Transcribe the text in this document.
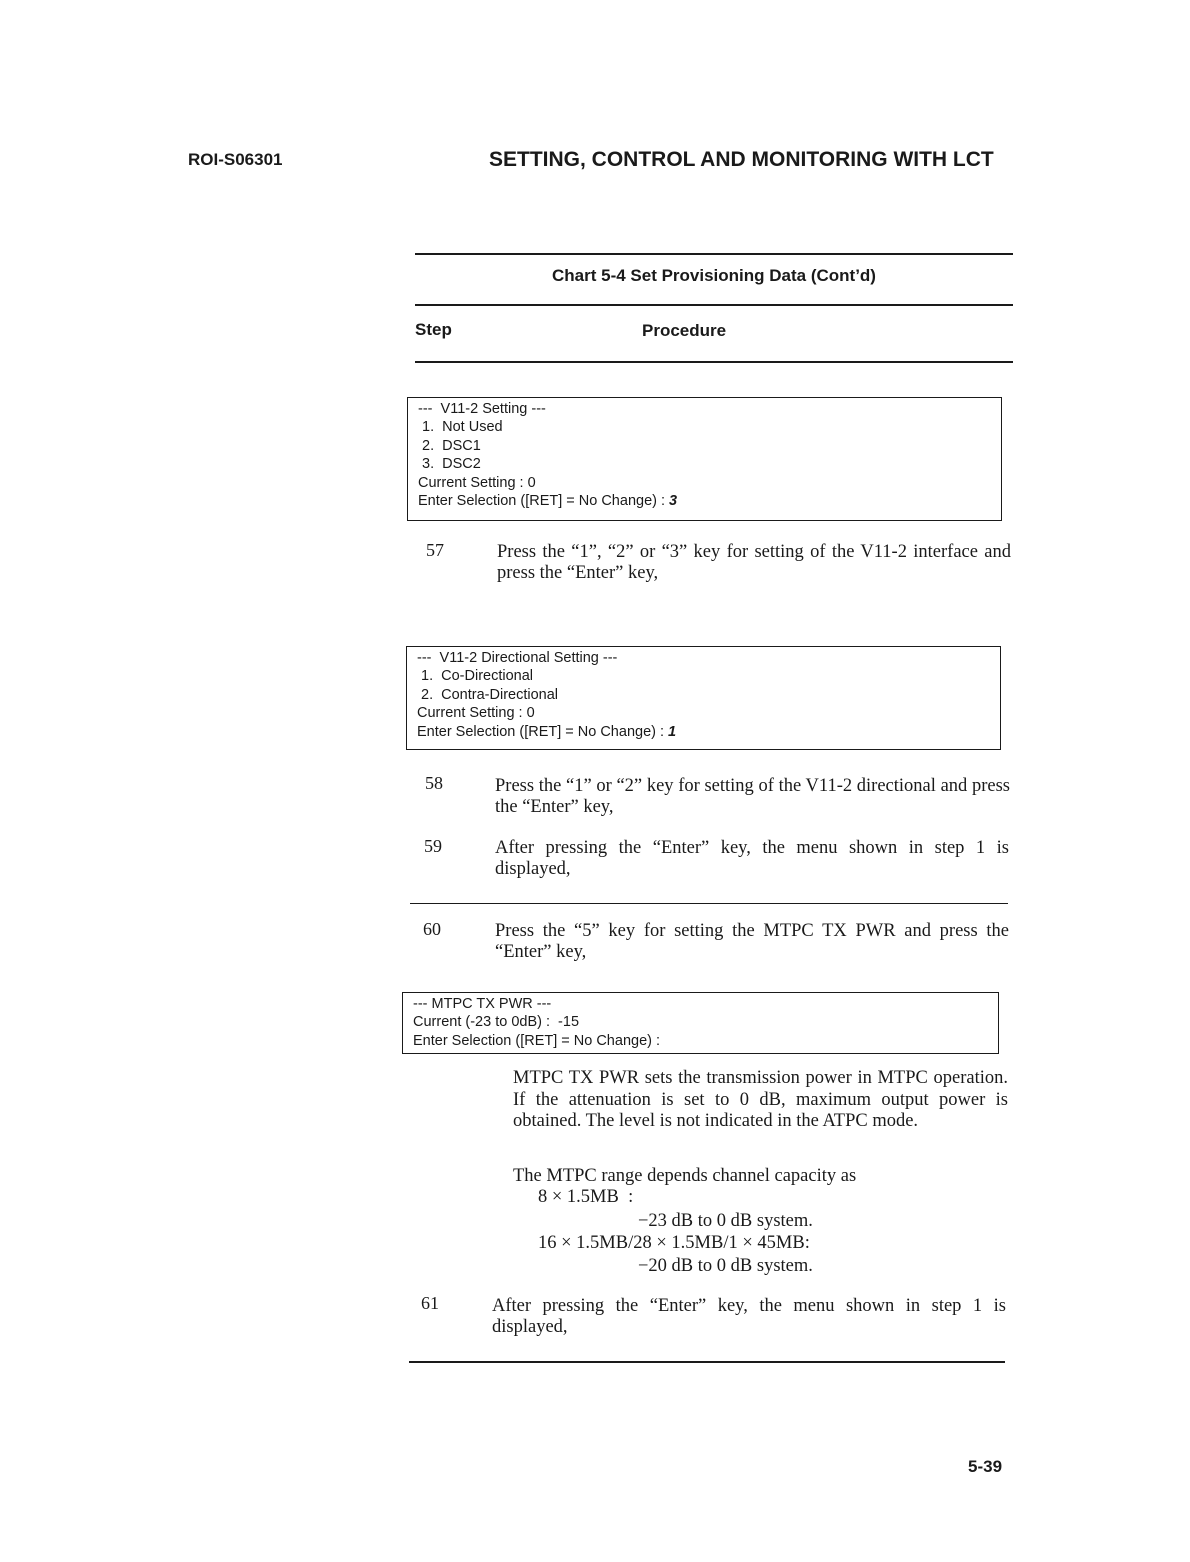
ROI-S06301	SETTING, CONTROL AND MONITORING WITH LCT
Chart 5-4 Set Provisioning Data (Cont’d)
Step	Procedure
---  V11-2 Setting ---
1.  Not Used
2.  DSC1
3.  DSC2
Current Setting : 0
Enter Selection ([RET] = No Change) : 3
57	Press the “1”, “2” or “3” key for setting of the V11-2 interface and press the “Enter” key,
---  V11-2 Directional Setting ---
1.  Co-Directional
2.  Contra-Directional
Current Setting : 0
Enter Selection ([RET] = No Change) : 1
58	Press the “1” or “2” key for setting of the V11-2 directional and press the “Enter” key,
59	After pressing the “Enter” key, the menu shown in step 1 is displayed,
60	Press the “5” key for setting the MTPC TX PWR and press the “Enter” key,
--- MTPC TX PWR ---
Current (-23 to 0dB) :  -15
Enter Selection ([RET] = No Change) :
MTPC TX PWR sets the transmission power in MTPC operation. If the attenuation is set to 0 dB, maximum output power is obtained. The level is not indicated in the ATPC mode.
The MTPC range depends channel capacity as
8 × 1.5MB  :
−23 dB to 0 dB system.
16 × 1.5MB/28 × 1.5MB/1 × 45MB:
−20 dB to 0 dB system.
61	After pressing the “Enter” key, the menu shown in step 1 is displayed,
5-39
